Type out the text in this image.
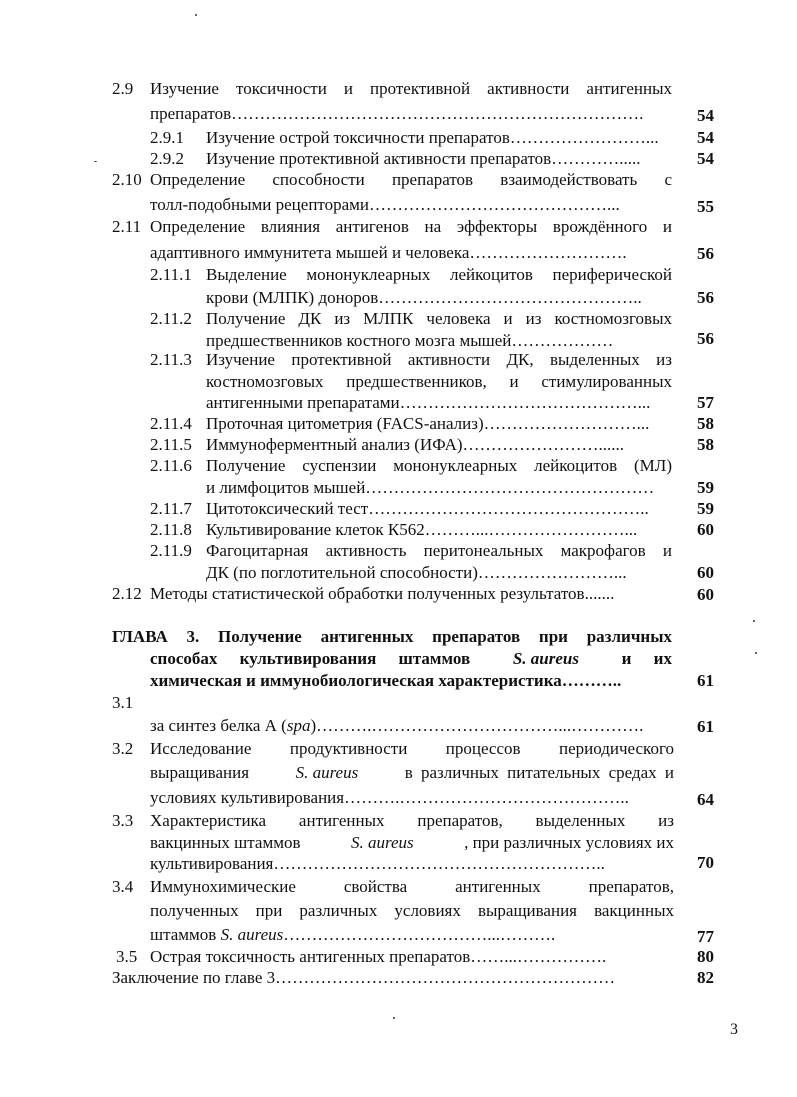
2.9 Изучение токсичности и протективной активности антигенных
препаратов……………………………………………………………….	54
2.9.1 Изучение острой токсичности препаратов……………………...	54
2.9.2 Изучение протективной активности препаратов………….....	54
2.10 Определение способности препаратов взаимодействовать с
толл-подобными рецепторами……………………………………...	55
2.11 Определение влияния антигенов на эффекторы врождённого и
адаптивного иммунитета мышей и человека……………………….	56
2.11.1 Выделение мононуклеарных лейкоцитов периферической
крови (МЛПК) доноров………………………………………..	56
2.11.2 Получение ДК из МЛПК человека и из костномозговых
предшественников костного мозга мышей………………	56
2.11.3 Изучение протективной активности ДК, выделенных из
костномозговых предшественников, и стимулированных
антигенными препаратами……………………………………...	57
2.11.4 Проточная цитометрия (FACS-анализ)………………………...	58
2.11.5 Иммуноферментный анализ (ИФА)……………………......	58
2.11.6 Получение суспензии мононуклеарных лейкоцитов (МЛ)
и лимфоцитов мышей……………………………………………	59
2.11.7 Цитотоксический тест…………………………………………..	59
2.11.8 Культивирование клеток К562………...……………………...	60
2.11.9 Фагоцитарная активность перитонеальных макрофагов и
ДК (по поглотительной способности)……………………...	60
2.12 Методы статистической обработки полученных результатов.......	60
ГЛАВА 3. Получение антигенных препаратов при различных
способах культивирования штаммов	S. aureus	и их
химическая и иммунобиологическая характеристика………..	61
3.1
за синтез белка А (spa)……….……………………………...………….	61
3.2 Исследование продуктивности процессов периодического
выращивания	S. aureus	в различных питательных средах и
условиях культивирования……….…………………………………..	64
3.3 Характеристика антигенных препаратов, выделенных из
вакцинных штаммов	S. aureus	, при различных условиях их
культивирования…………………………………………………..	70
3.4 Иммунохимические свойства антигенных препаратов,
полученных при различных условиях выращивания вакцинных
штаммов S. aureus………………………………...……….	77
3.5 Острая токсичность антигенных препаратов……...…………….	80
Заключение по главе 3……………………………………………………	82
3
